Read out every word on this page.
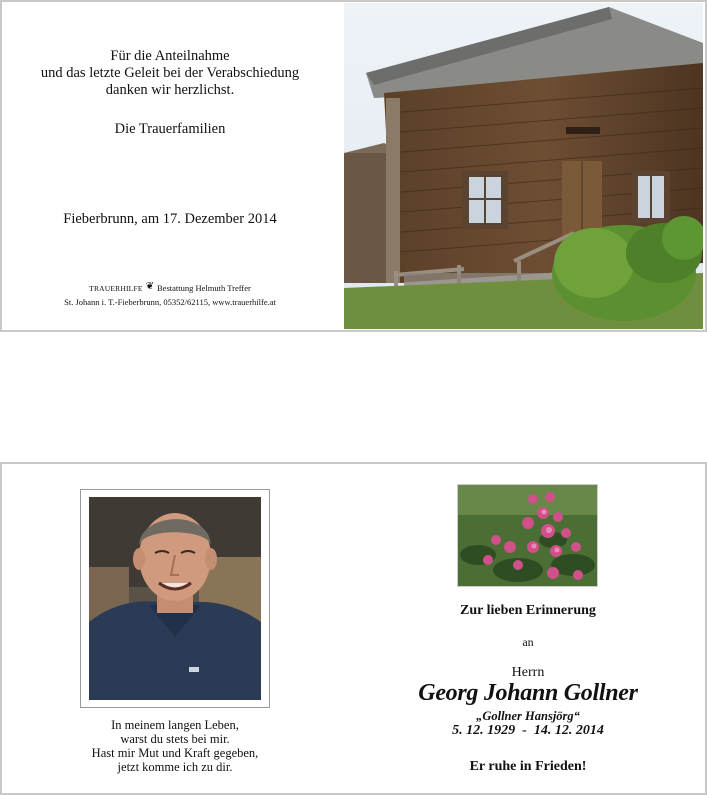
Für die Anteilnahme
und das letzte Geleit bei der Verabschiedung
danken wir herzlichst.
Die Trauerfamilien
Fieberbrunn, am 17. Dezember 2014
TRAUERHILFE ❦ Bestattung Helmuth Treffer
St. Johann i. T.-Fieberbrunn, 05352/62115, www.trauerhilfe.at
In meinem langen Leben,
warst du stets bei mir.
Hast mir Mut und Kraft gegeben,
jetzt komme ich zu dir.
Zur lieben Erinnerung
an
Herrn
Georg Johann Gollner
„Gollner Hansjörg“
5. 12. 1929  -  14. 12. 2014
Er ruhe in Frieden!
